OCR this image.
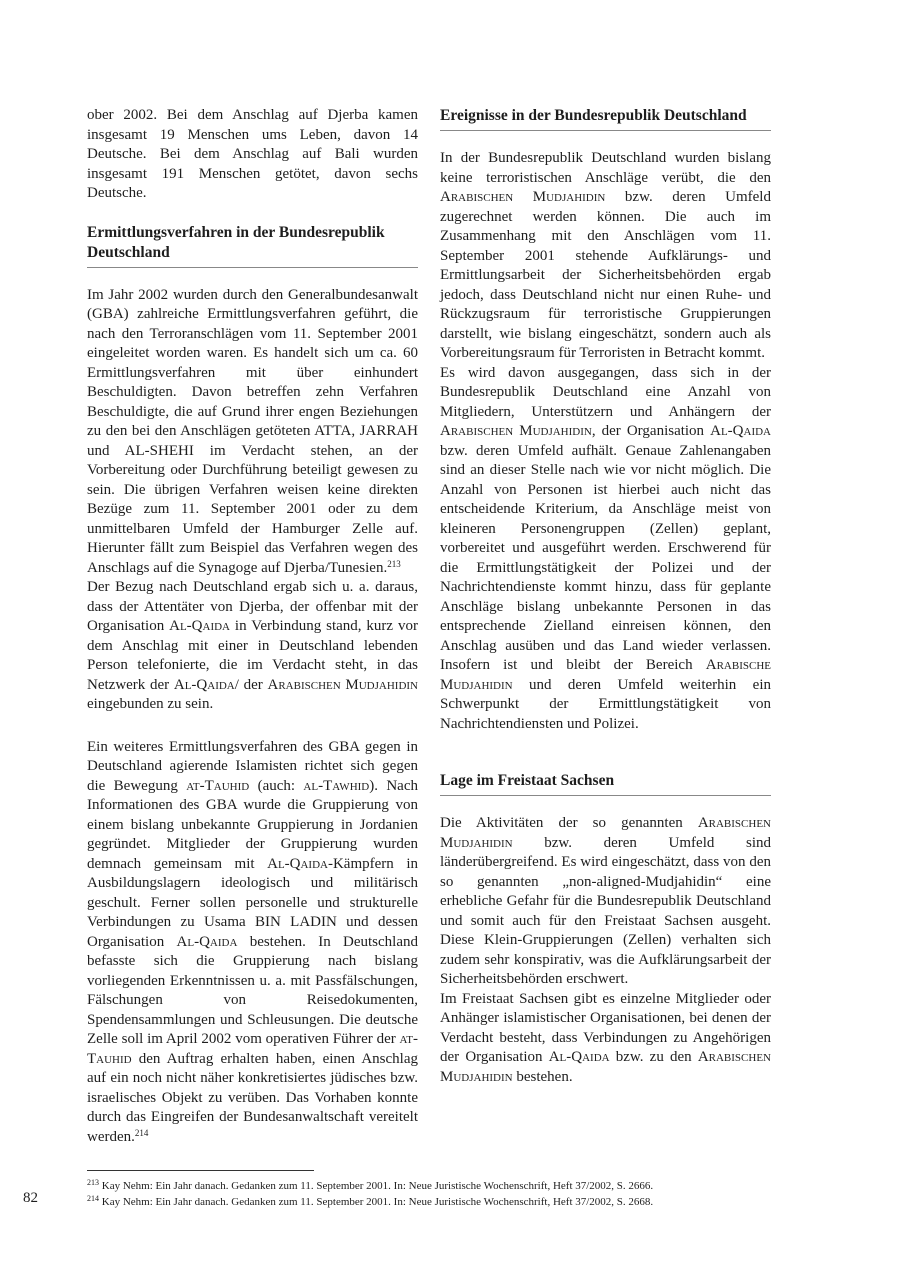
ober 2002. Bei dem Anschlag auf Djerba kamen insgesamt 19 Menschen ums Leben, davon 14 Deutsche. Bei dem Anschlag auf Bali wurden insgesamt 191 Menschen getötet, davon sechs Deutsche.

Ermittlungsverfahren in der Bundesrepublik Deutschland

Im Jahr 2002 wurden durch den Generalbundesanwalt (GBA) zahlreiche Ermittlungsverfahren geführt, die nach den Terroranschlägen vom 11. September 2001 eingeleitet worden waren. Es handelt sich um ca. 60 Ermittlungsverfahren mit über einhundert Beschuldigten. Davon betreffen zehn Verfahren Beschuldigte, die auf Grund ihrer engen Beziehungen zu den bei den Anschlägen getöteten ATTA, JARRAH und AL-SHEHI im Verdacht stehen, an der Vorbereitung oder Durchführung beteiligt gewesen zu sein. Die übrigen Verfahren weisen keine direkten Bezüge zum 11. September 2001 oder zu dem unmittelbaren Umfeld der Hamburger Zelle auf. Hierunter fällt zum Beispiel das Verfahren wegen des Anschlags auf die Synagoge auf Djerba/Tunesien.$^{213}$

Der Bezug nach Deutschland ergab sich u. a. daraus, dass der Attentäter von Djerba, der offenbar mit der Organisation Al-Qaida in Verbindung stand, kurz vor dem Anschlag mit einer in Deutschland lebenden Person telefonierte, die im Verdacht steht, in das Netzwerk der Al-Qaida/ der Arabischen Mudjahidin eingebunden zu sein.

Ein weiteres Ermittlungsverfahren des GBA gegen in Deutschland agierende Islamisten richtet sich gegen die Bewegung at-Tauhid (auch: al-Tawhid). Nach Informationen des GBA wurde die Gruppierung von einem bislang unbekannte Gruppierung in Jordanien gegründet. Mitglieder der Gruppierung wurden demnach gemeinsam mit Al-Qaida-Kämpfern in Ausbildungslagern ideologisch und militärisch geschult. Ferner sollen personelle und strukturelle Verbindungen zu Usama BIN LADIN und dessen Organisation Al-Qaida bestehen. In Deutschland befasste sich die Gruppierung nach bislang vorliegenden Erkenntnissen u. a. mit Passfälschungen, Fälschungen von Reisedokumenten, Spendensammlungen und Schleusungen. Die deutsche Zelle soll im April 2002 vom operativen Führer der at-Tauhid den Auftrag erhalten haben, einen Anschlag auf ein noch nicht näher konkretisiertes jüdisches bzw. israelisches Objekt zu verüben. Das Vorhaben konnte durch das Eingreifen der Bundesanwaltschaft vereitelt werden.$^{214}$

Ereignisse in der Bundesrepublik Deutschland

In der Bundesrepublik Deutschland wurden bislang keine terroristischen Anschläge verübt, die den Arabischen Mudjahidin bzw. deren Umfeld zugerechnet werden können. Die auch im Zusammenhang mit den Anschlägen vom 11. September 2001 stehende Aufklärungs- und Ermittlungsarbeit der Sicherheitsbehörden ergab jedoch, dass Deutschland nicht nur einen Ruhe- und Rückzugsraum für terroristische Gruppierungen darstellt, wie bislang eingeschätzt, sondern auch als Vorbereitungsraum für Terroristen in Betracht kommt.

Es wird davon ausgegangen, dass sich in der Bundesrepublik Deutschland eine Anzahl von Mitgliedern, Unterstützern und Anhängern der Arabischen Mudjahidin, der Organisation Al-Qaida bzw. deren Umfeld aufhält. Genaue Zahlenangaben sind an dieser Stelle nach wie vor nicht möglich. Die Anzahl von Personen ist hierbei auch nicht das entscheidende Kriterium, da Anschläge meist von kleineren Personengruppen (Zellen) geplant, vorbereitet und ausgeführt werden. Erschwerend für die Ermittlungstätigkeit der Polizei und der Nachrichtendienste kommt hinzu, dass für geplante Anschläge bislang unbekannte Personen in das entsprechende Zielland einreisen können, den Anschlag ausüben und das Land wieder verlassen. Insofern ist und bleibt der Bereich Arabische Mudjahidin und deren Umfeld weiterhin ein Schwerpunkt der Ermittlungstätigkeit von Nachrichtendiensten und Polizei.

Lage im Freistaat Sachsen

Die Aktivitäten der so genannten Arabischen Mudjahidin bzw. deren Umfeld sind länderübergreifend. Es wird eingeschätzt, dass von den so genannten „non-aligned-Mudjahidin“ eine erhebliche Gefahr für die Bundesrepublik Deutschland und somit auch für den Freistaat Sachsen ausgeht. Diese Klein-Gruppierungen (Zellen) verhalten sich zudem sehr konspirativ, was die Aufklärungsarbeit der Sicherheitsbehörden erschwert.

Im Freistaat Sachsen gibt es einzelne Mitglieder oder Anhänger islamistischer Organisationen, bei denen der Verdacht besteht, dass Verbindungen zu Angehörigen der Organisation Al-Qaida bzw. zu den Arabischen Mudjahidin bestehen.

$^{213}$ Kay Nehm: Ein Jahr danach. Gedanken zum 11. September 2001. In: Neue Juristische Wochenschrift, Heft 37/2002, S. 2666.
$^{214}$ Kay Nehm: Ein Jahr danach. Gedanken zum 11. September 2001. In: Neue Juristische Wochenschrift, Heft 37/2002, S. 2668.
82
